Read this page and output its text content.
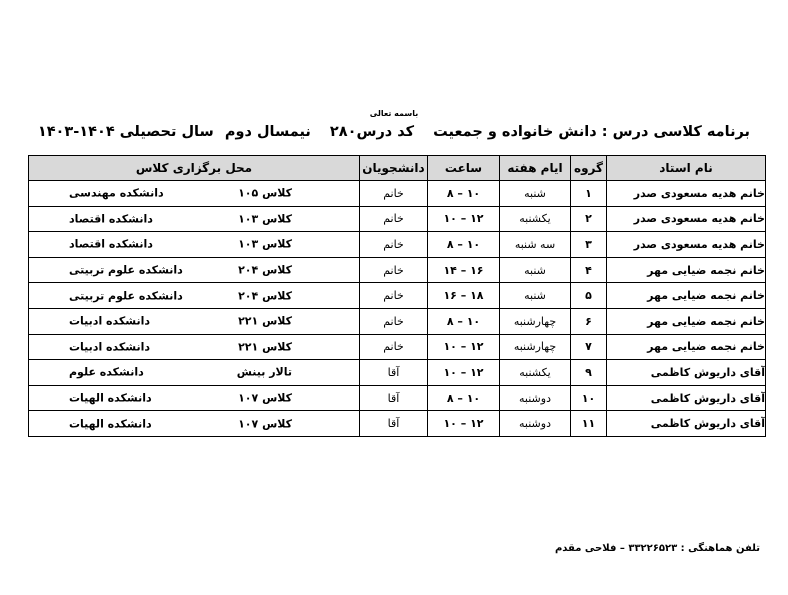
باسمه تعالی
برنامه کلاسی درس : دانش خانواده و جمعیت کد درس۲۸۰ نیمسال دوم سال تحصیلی ۱۴۰۴-۱۴۰۳
نام استاد	گروه	ایام هفته	ساعت	دانشجویان	محل برگزاری کلاس
خانم هدیه مسعودی صدر	۱	شنبه	۱۰ – ۸	خانم	کلاس ۱۰۵
دانشکده مهندسی

خانم هدیه مسعودی صدر	۲	یکشنبه	۱۲ – ۱۰	خانم	کلاس ۱۰۳
دانشکده اقتصاد

خانم هدیه مسعودی صدر	۳	سه شنبه	۱۰ – ۸	خانم	کلاس ۱۰۳
دانشکده اقتصاد

خانم نجمه ضیایی مهر	۴	شنبه	۱۶ – ۱۴	خانم	کلاس ۲۰۴
دانشکده علوم تربیتی

خانم نجمه ضیایی مهر	۵	شنبه	۱۸ – ۱۶	خانم	کلاس ۲۰۴
دانشکده علوم تربیتی

خانم نجمه ضیایی مهر	۶	چهارشنبه	۱۰ – ۸	خانم	کلاس ۲۲۱
دانشکده ادبیات

خانم نجمه ضیایی مهر	۷	چهارشنبه	۱۲ – ۱۰	خانم	کلاس ۲۲۱
دانشکده ادبیات

آقای داریوش کاظمی	۹	یکشنبه	۱۲ – ۱۰	آقا	تالار بینش
دانشکده علوم

آقای داریوش کاظمی	۱۰	دوشنبه	۱۰ – ۸	آقا	کلاس ۱۰۷
دانشکده الهیات

آقای داریوش کاظمی	۱۱	دوشنبه	۱۲ – ۱۰	آقا	کلاس ۱۰۷
دانشکده الهیات
تلفن هماهنگی : ۳۳۲۲۶۵۲۳ – فلاحی مقدم
